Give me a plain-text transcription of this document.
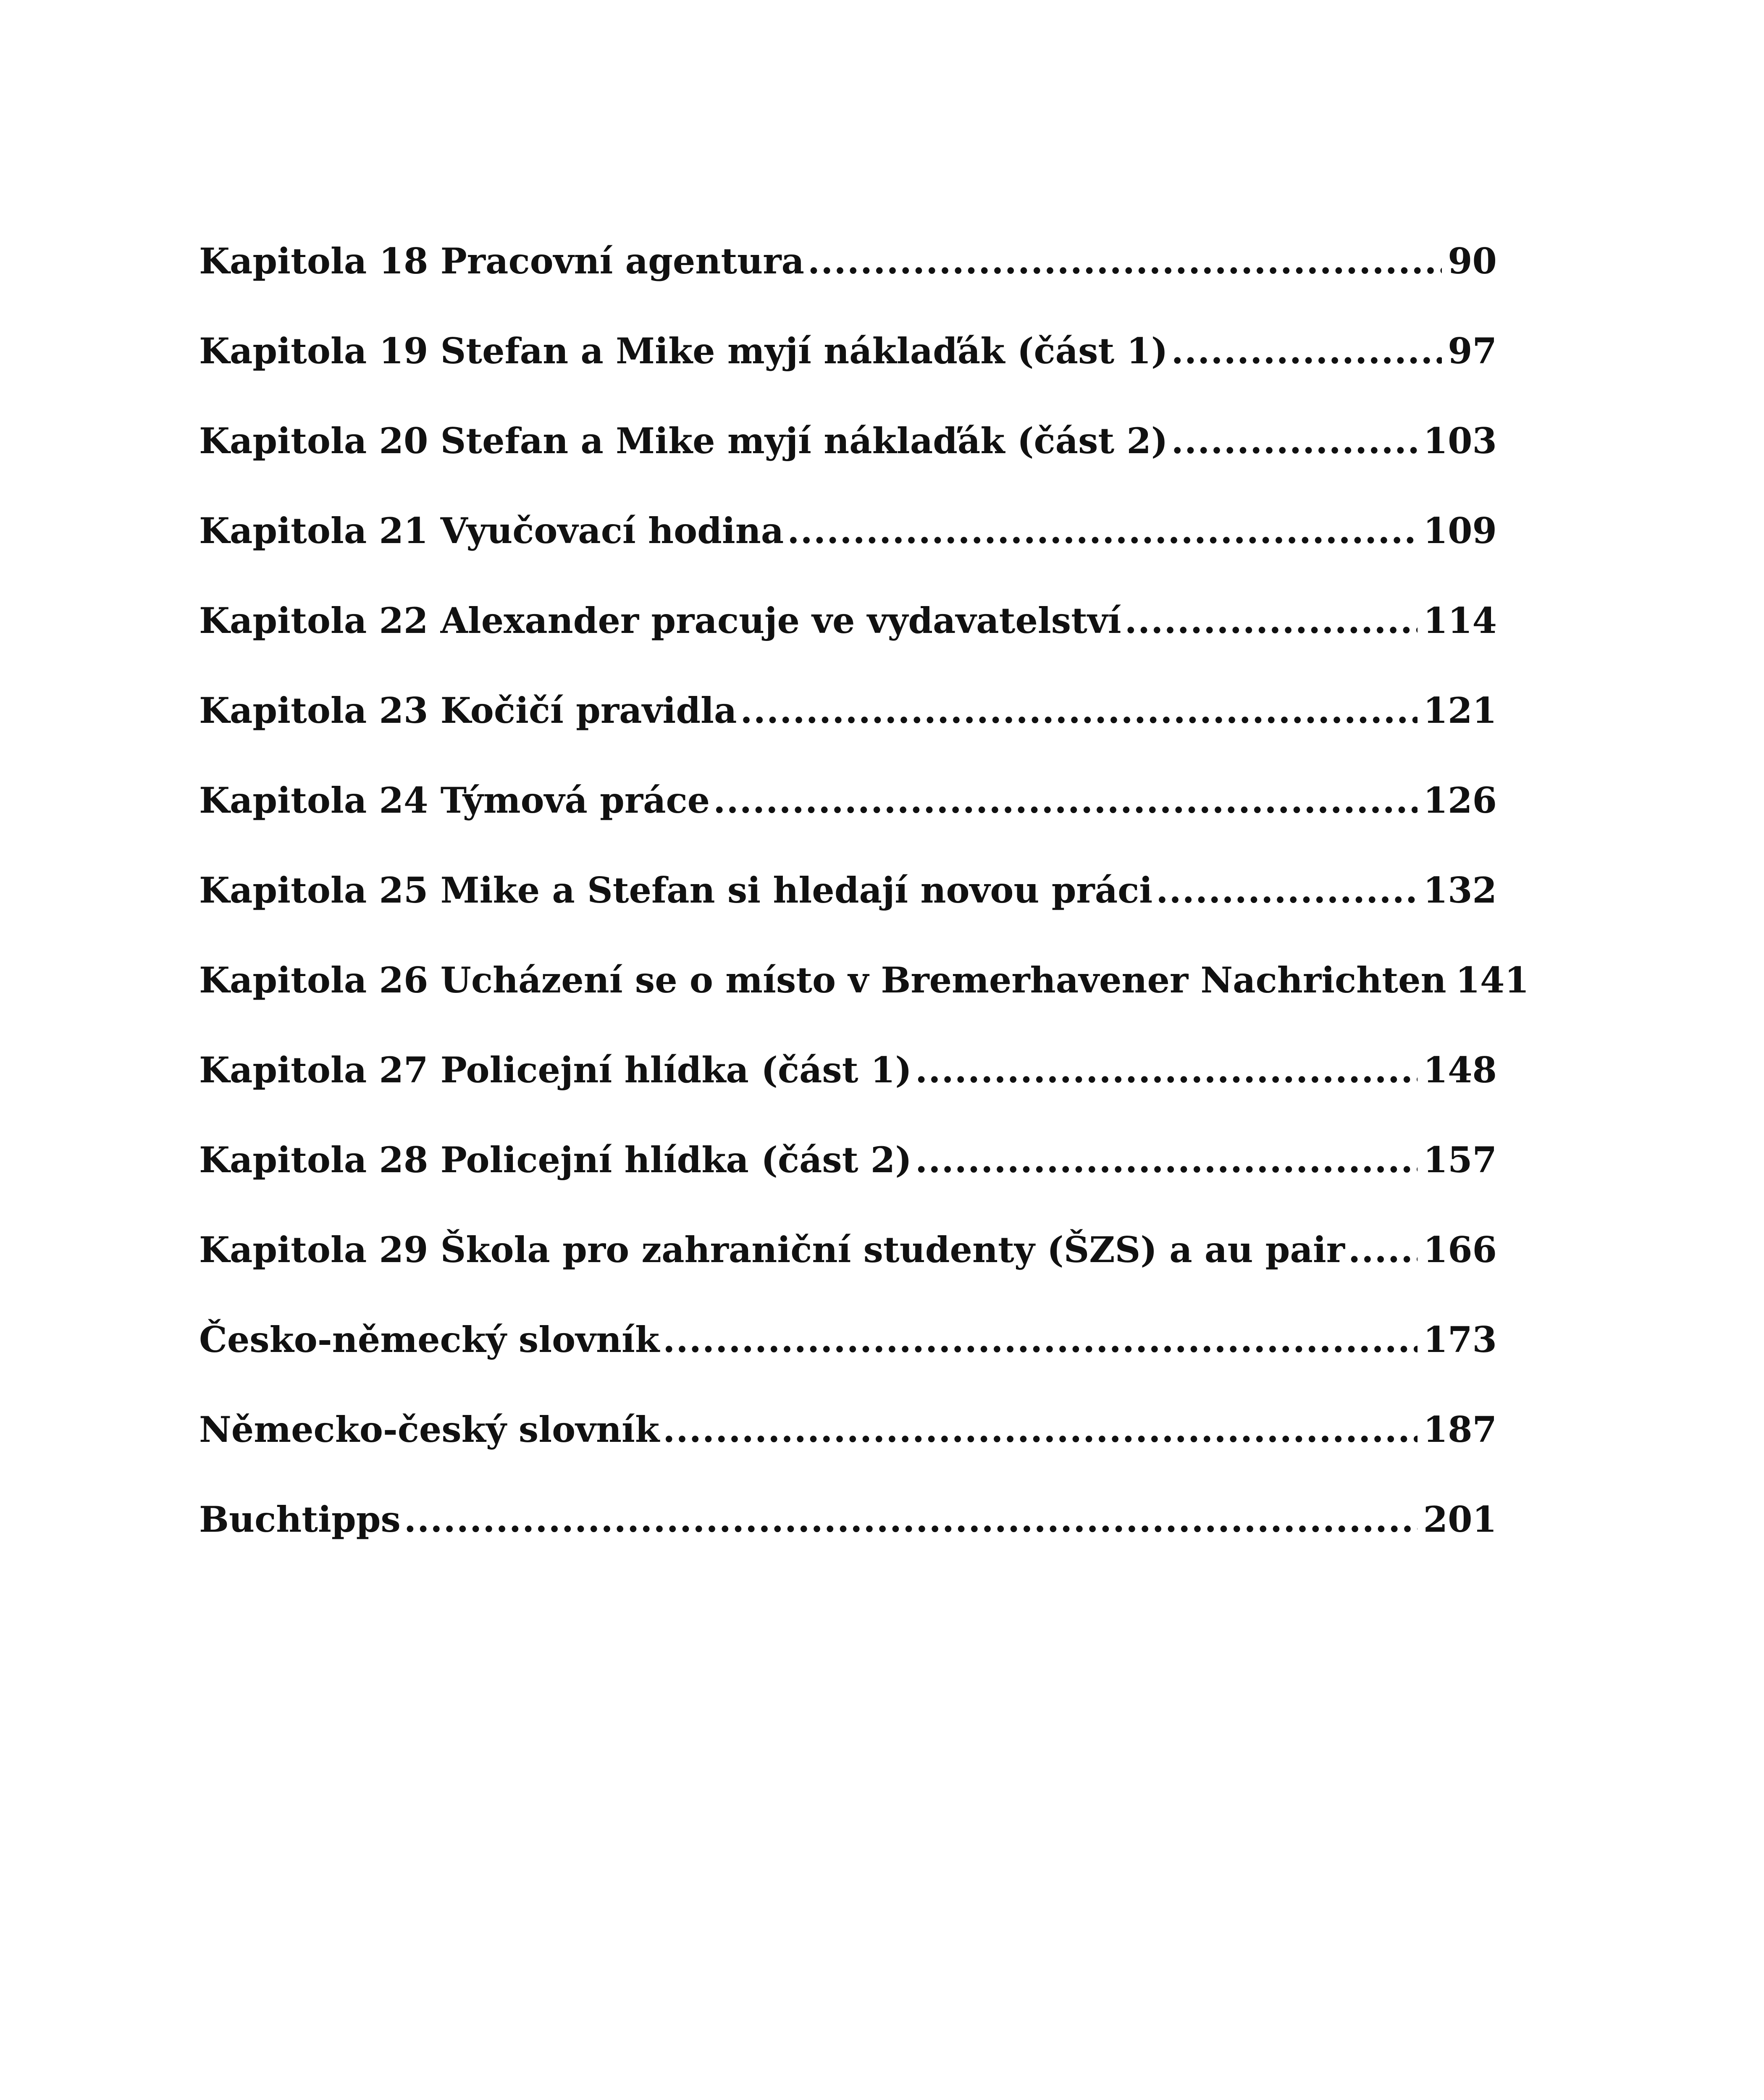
Kapitola 18 Pracovní agentura .....	90
Kapitola 19 Stefan a Mike myjí náklaďák (část 1) .....	97
Kapitola 20 Stefan a Mike myjí náklaďák (část 2) .....	103
Kapitola 21 Vyučovací hodina .....	109
Kapitola 22 Alexander pracuje ve vydavatelství .....	114
Kapitola 23 Kočičí pravidla .....	121
Kapitola 24 Týmová práce .....	126
Kapitola 25 Mike a Stefan si hledají novou práci .....	132
Kapitola 26 Ucházení se o místo v Bremerhavener Nachrichten 141
Kapitola 27 Policejní hlídka (část 1) .....	148
Kapitola 28 Policejní hlídka (část 2) .....	157
Kapitola 29 Škola pro zahraniční studenty (ŠZS) a au pair ..... 166
Česko-německý slovník .....	173
Německo-český slovník .....	187
Buchtipps .....	201
